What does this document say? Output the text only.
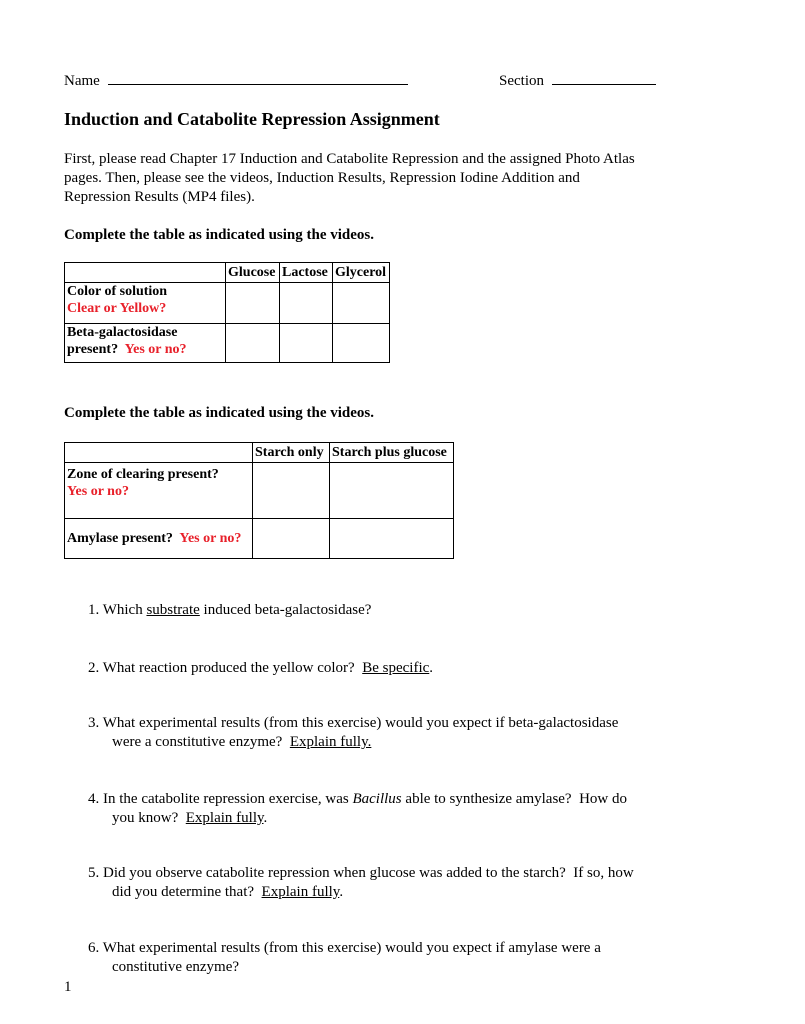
Name	Section
Induction and Catabolite Repression Assignment
First, please read Chapter 17 Induction and Catabolite Repression and the assigned Photo Atlas
pages. Then, please see the videos, Induction Results, Repression Iodine Addition and
Repression Results (MP4 files).
Complete the table as indicated using the videos.
	Glucose	Lactose	Glycerol

Color of solution
Clear or Yellow?			

Beta-galactosidase
present? Yes or no?			

Complete the table as indicated using the videos.
	Starch only	Starch plus glucose

Zone of clearing present?
Yes or no?		

Amylase present? Yes or no?		
1. Which substrate induced beta-galactosidase?
2. What reaction produced the yellow color?  Be specific.
3. What experimental results (from this exercise) would you expect if beta-galactosidase
were a constitutive enzyme?  Explain fully.
4. In the catabolite repression exercise, was Bacillus able to synthesize amylase?  How do
you know?  Explain fully.
5. Did you observe catabolite repression when glucose was added to the starch?  If so, how
did you determine that?  Explain fully.
6. What experimental results (from this exercise) would you expect if amylase were a
constitutive enzyme?
1
